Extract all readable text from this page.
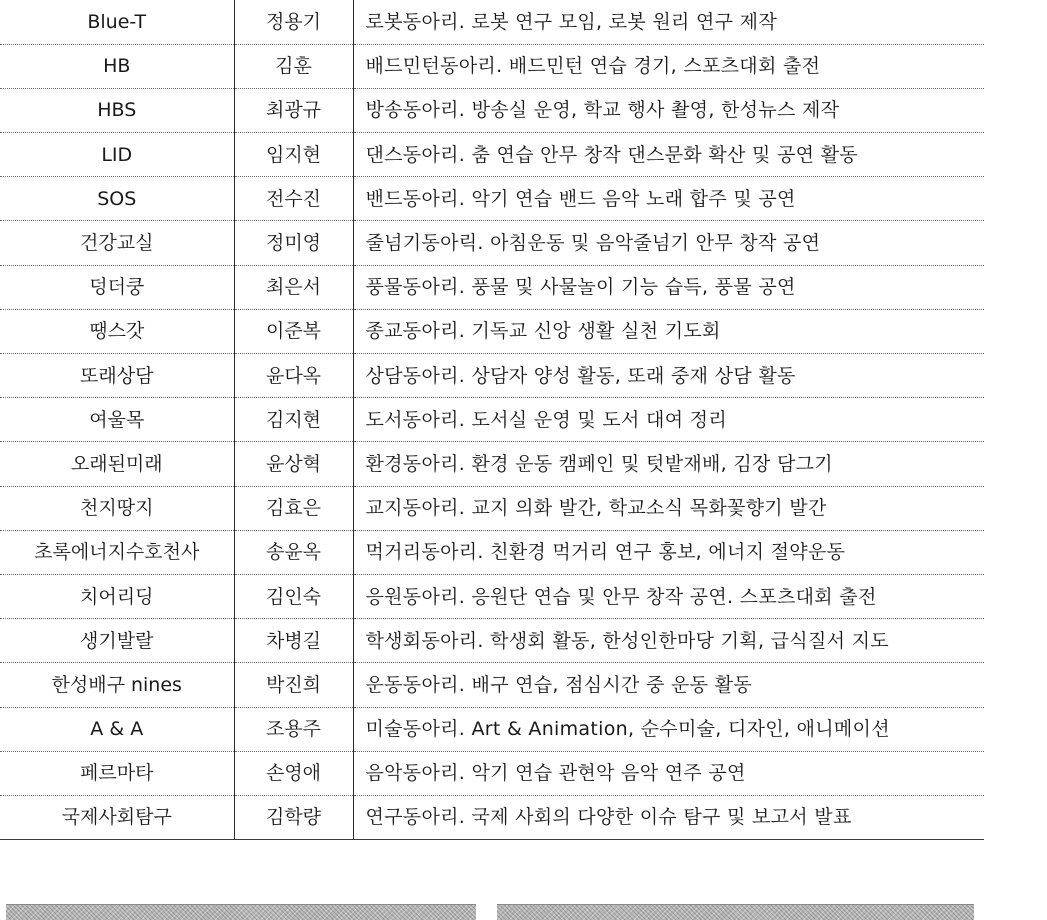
Blue-T	정용기	로봇동아리. 로봇 연구 모임, 로봇 원리 연구 제작
HB	김훈	배드민턴동아리. 배드민턴 연습 경기, 스포츠대회 출전
HBS	최광규	방송동아리. 방송실 운영, 학교 행사 촬영, 한성뉴스 제작
LID	임지현	댄스동아리. 춤 연습 안무 창작 댄스문화 확산 및 공연 활동
SOS	전수진	밴드동아리. 악기 연습 밴드 음악 노래 합주 및 공연
건강교실	정미영	줄넘기동아릭. 아침운동 및 음악줄넘기 안무 창작 공연
덩더쿵	최은서	풍물동아리. 풍물 및 사물놀이 기능 습득, 풍물 공연
땡스갓	이준복	종교동아리. 기독교 신앙 생활 실천 기도회
또래상담	윤다옥	상담동아리. 상담자 양성 활동, 또래 중재 상담 활동
여울목	김지현	도서동아리. 도서실 운영 및 도서 대여 정리
오래된미래	윤상혁	환경동아리. 환경 운동 캠페인 및 텃밭재배, 김장 담그기
천지땅지	김효은	교지동아리. 교지 의화 발간, 학교소식 목화꽃향기 발간
초록에너지수호천사	송윤옥	먹거리동아리. 친환경 먹거리 연구 홍보, 에너지 절약운동
치어리딩	김인숙	응원동아리. 응원단 연습 및 안무 창작 공연. 스포츠대회 출전
생기발랄	차병길	학생회동아리. 학생회 활동, 한성인한마당 기획, 급식질서 지도
한성배구 nines	박진희	운동동아리. 배구 연습, 점심시간 중 운동 활동
A & A	조용주	미술동아리. Art & Animation, 순수미술, 디자인, 애니메이션
페르마타	손영애	음악동아리. 악기 연습 관현악 음악 연주 공연
국제사회탐구	김학량	연구동아리. 국제 사회의 다양한 이슈 탐구 및 보고서 발표
